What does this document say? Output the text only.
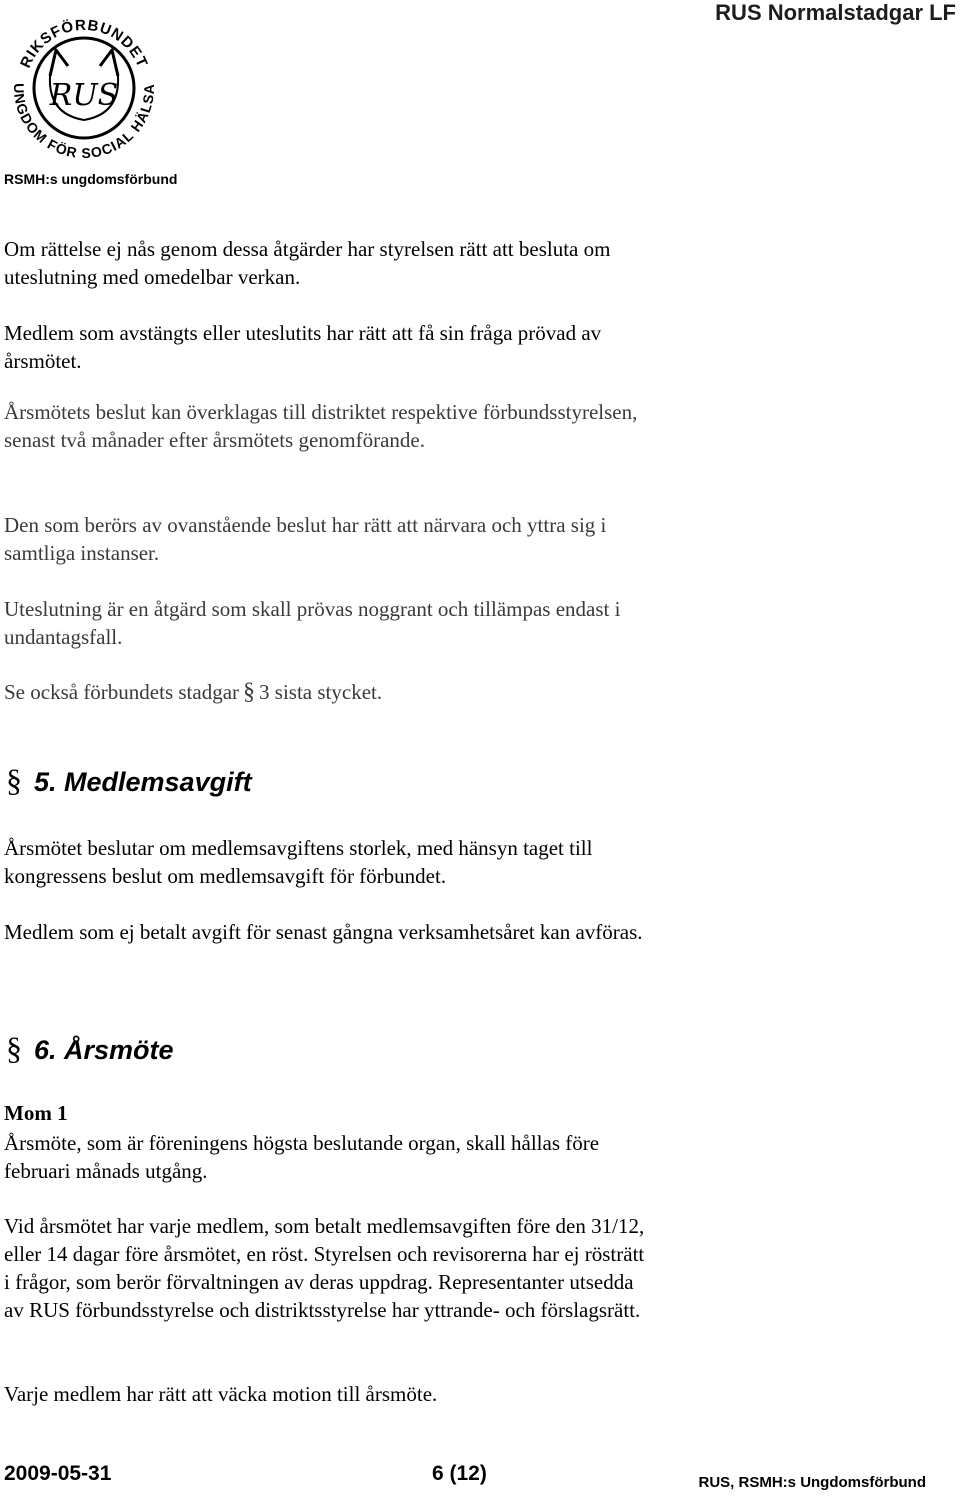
RIKSFÖRBUNDET
UNGDOM FÖR SOCIAL HÄLSA
RUS
RSMH:s ungdomsförbund
RUS Normalstadgar LF

Om rättelse ej nås genom dessa åtgärder har styrelsen rätt att besluta om uteslutning med omedelbar verkan.

Medlem som avstängts eller uteslutits har rätt att få sin fråga prövad av årsmötet.

Årsmötets beslut kan överklagas till distriktet respektive förbundsstyrelsen, senast två månader efter årsmötets genomförande.

Den som berörs av ovanstående beslut har rätt att närvara och yttra sig i samtliga instanser.

Uteslutning är en åtgärd som skall prövas noggrant och tillämpas endast i undantagsfall.

Se också förbundets stadgar § 3 sista stycket.

§ 5. Medlemsavgift

Årsmötet beslutar om medlemsavgiftens storlek, med hänsyn taget till kongressens beslut om medlemsavgift för förbundet.

Medlem som ej betalt avgift för senast gångna verksamhetsåret kan avföras.

§ 6. Årsmöte
Mom 1

Årsmöte, som är föreningens högsta beslutande organ, skall hållas före februari månads utgång.

Vid årsmötet har varje medlem, som betalt medlemsavgiften före den 31/12, eller 14 dagar före årsmötet, en röst. Styrelsen och revisorerna har ej rösträtt i frågor, som berör förvaltningen av deras uppdrag. Representanter utsedda av RUS förbundsstyrelse och distriktsstyrelse har yttrande- och förslagsrätt.

Varje medlem har rätt att väcka motion till årsmöte.

2009-05-31	6 (12)	RUS, RSMH:s Ungdomsförbund
